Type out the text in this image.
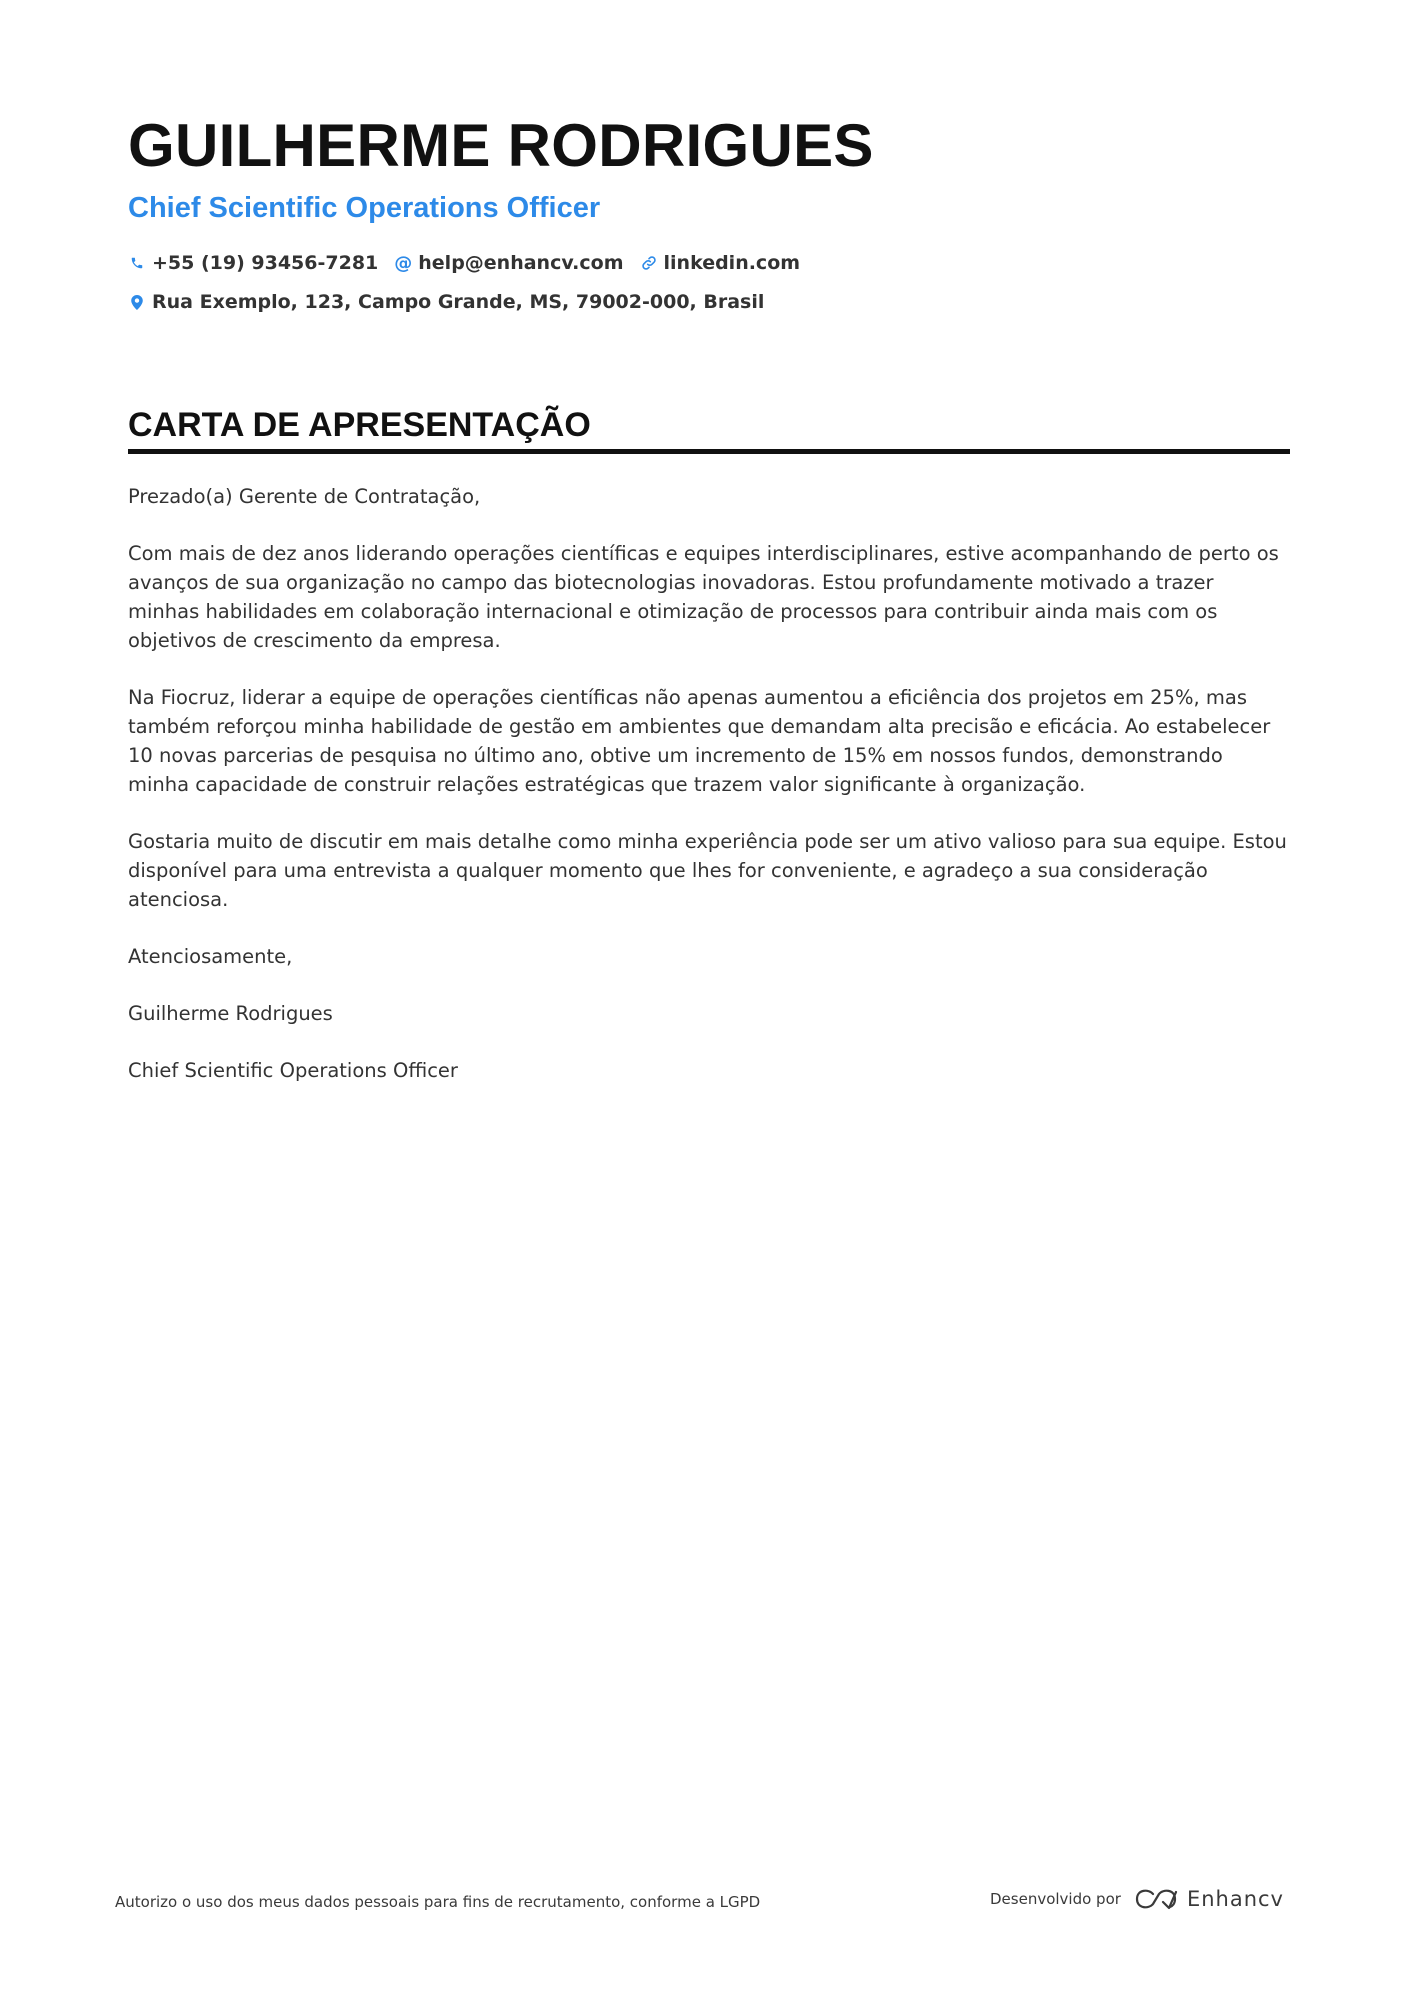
GUILHERME RODRIGUES
Chief Scientific Operations Officer
+55 (19) 93456-7281 @ help@enhancv.com linkedin.com
Rua Exemplo, 123, Campo Grande, MS, 79002-000, Brasil
CARTA DE APRESENTAÇÃO

Prezado(a) Gerente de Contratação,

Com mais de dez anos liderando operações científicas e equipes interdisciplinares, estive acompanhando de perto os avanços de sua organização no campo das biotecnologias inovadoras. Estou profundamente motivado a trazer minhas habilidades em colaboração internacional e otimização de processos para contribuir ainda mais com os objetivos de crescimento da empresa.

Na Fiocruz, liderar a equipe de operações científicas não apenas aumentou a eficiência dos projetos em 25%, mas também reforçou minha habilidade de gestão em ambientes que demandam alta precisão e eficácia. Ao estabelecer 10 novas parcerias de pesquisa no último ano, obtive um incremento de 15% em nossos fundos, demonstrando minha capacidade de construir relações estratégicas que trazem valor significante à organização.

Gostaria muito de discutir em mais detalhe como minha experiência pode ser um ativo valioso para sua equipe. Estou disponível para uma entrevista a qualquer momento que lhes for conveniente, e agradeço a sua consideração atenciosa.

Atenciosamente,

Guilherme Rodrigues

Chief Scientific Operations Officer

Autorizo o uso dos meus dados pessoais para fins de recrutamento, conforme a LGPD	Desenvolvido por	Enhancv
